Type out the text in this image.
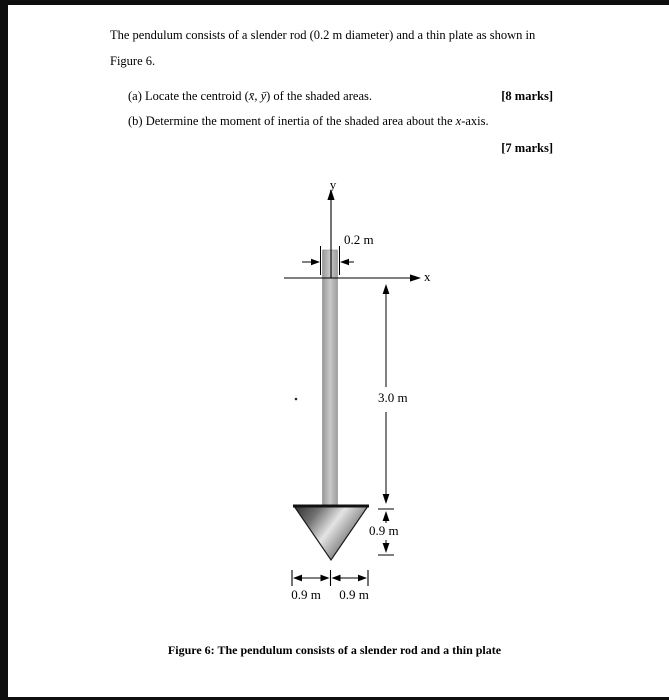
The pendulum consists of a slender rod (0.2 m diameter) and a thin plate as shown in
Figure 6.
(a) Locate the centroid (x̄, ȳ) of the shaded areas.	[8 marks]
(b) Determine the moment of inertia of the shaded area about the x-axis.
[7 marks]
y
x
0.2 m
3.0 m
0.9 m
0.9 m 0.9 m
Figure 6: The pendulum consists of a slender rod and a thin plate
